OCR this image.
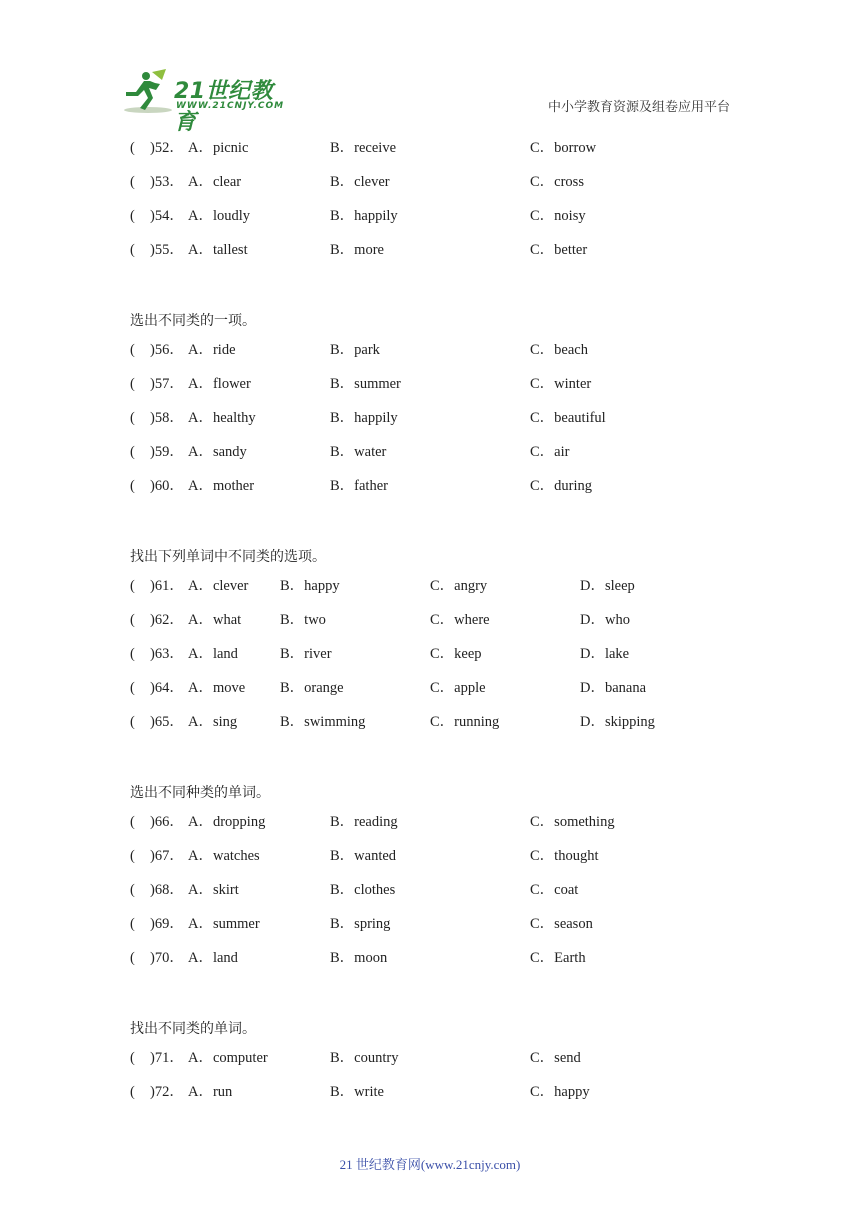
21世纪教育
WWW.21CNJY.COM	中小学教育资源及组卷应用平台
( )52． A．picnic	B．receive	C．borrow
( )53． A．clear	B．clever	C．cross
( )54． A．loudly	B．happily	C．noisy
( )55． A．tallest	B．more	C．better
选出不同类的一项。
( )56． A．ride	B．park	C．beach
( )57． A．flower	B．summer	C．winter
( )58． A．healthy	B．happily	C．beautiful
( )59． A．sandy	B．water	C．air
( )60． A．mother	B．father	C．during
找出下列单词中不同类的选项。
( )61． A．clever B．happy	C．angry	D．sleep
( )62． A．what	B．two	C．where	D．who
( )63． A．land	B．river	C．keep	D．lake
( )64． A．move B．orange	C．apple	D．banana
( )65． A．sing	B．swimming	C．running	D．skipping
选出不同种类的单词。
( )66． A．dropping	B．reading	C．something
( )67． A．watches	B．wanted	C．thought
( )68． A．skirt	B．clothes	C．coat
( )69． A．summer	B．spring	C．season
( )70． A．land	B．moon	C．Earth
找出不同类的单词。
( )71． A．computer	B．country	C．send
( )72． A．run	B．write	C．happy
21 世纪教育网(www.21cnjy.com)
